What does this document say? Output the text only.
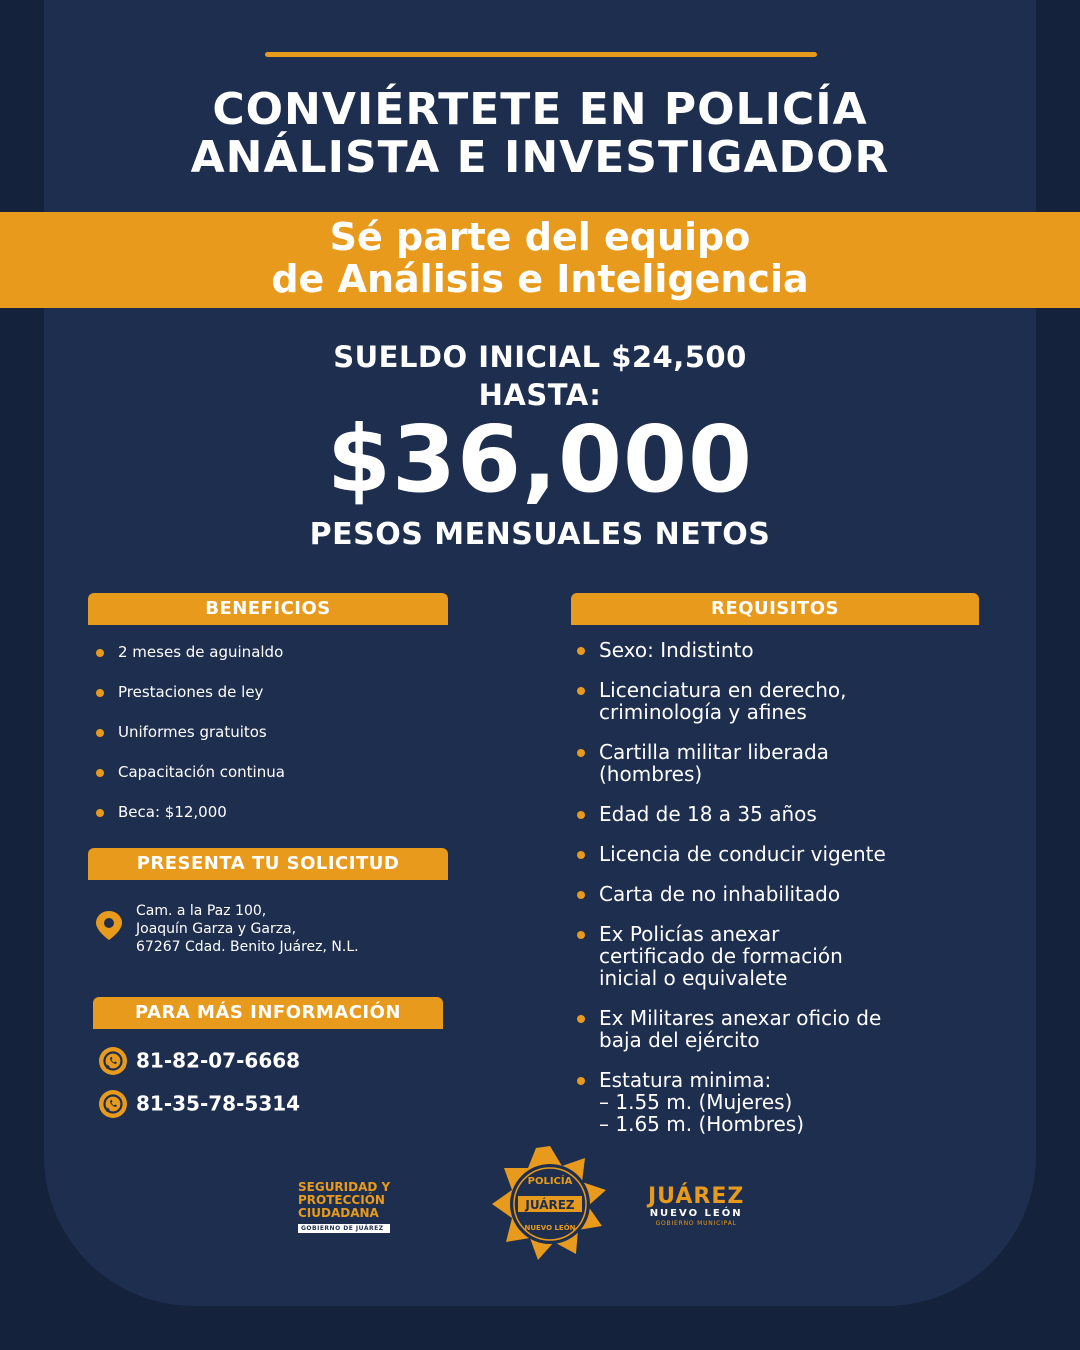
CONVIÉRTETE EN POLICÍA
ANÁLISTA E INVESTIGADOR
Sé parte del equipo
de Análisis e Inteligencia
SUELDO INICIAL $24,500
HASTA:
$36,000
PESOS MENSUALES NETOS
BENEFICIOS
2 meses de aguinaldo
Prestaciones de ley
Uniformes gratuitos
Capacitación continua
Beca: $12,000
PRESENTA TU SOLICITUD
Cam. a la Paz 100,
Joaquín Garza y Garza,
67267 Cdad. Benito Juárez, N.L.
PARA MÁS INFORMACIÓN
81-82-07-6668
81-35-78-5314
REQUISITOS
Sexo: Indistinto
Licenciatura en derecho,
criminología y afines
Cartilla militar liberada
(hombres)
Edad de 18 a 35 años
Licencia de conducir vigente
Carta de no inhabilitado
Ex Policías anexar
certificado de formación
inicial o equivalete
Ex Militares anexar oficio de
baja del ejército
Estatura minima:
– 1.55 m. (Mujeres)
– 1.65 m. (Hombres)
SEGURIDAD Y
PROTECCIÓN
CIUDADANA
GOBIERNO DE JUÁREZ
POLICÍA
JUÁREZ
NUEVO LEÓN
JUÁREZ
NUEVO LEÓN
GOBIERNO MUNICIPAL
